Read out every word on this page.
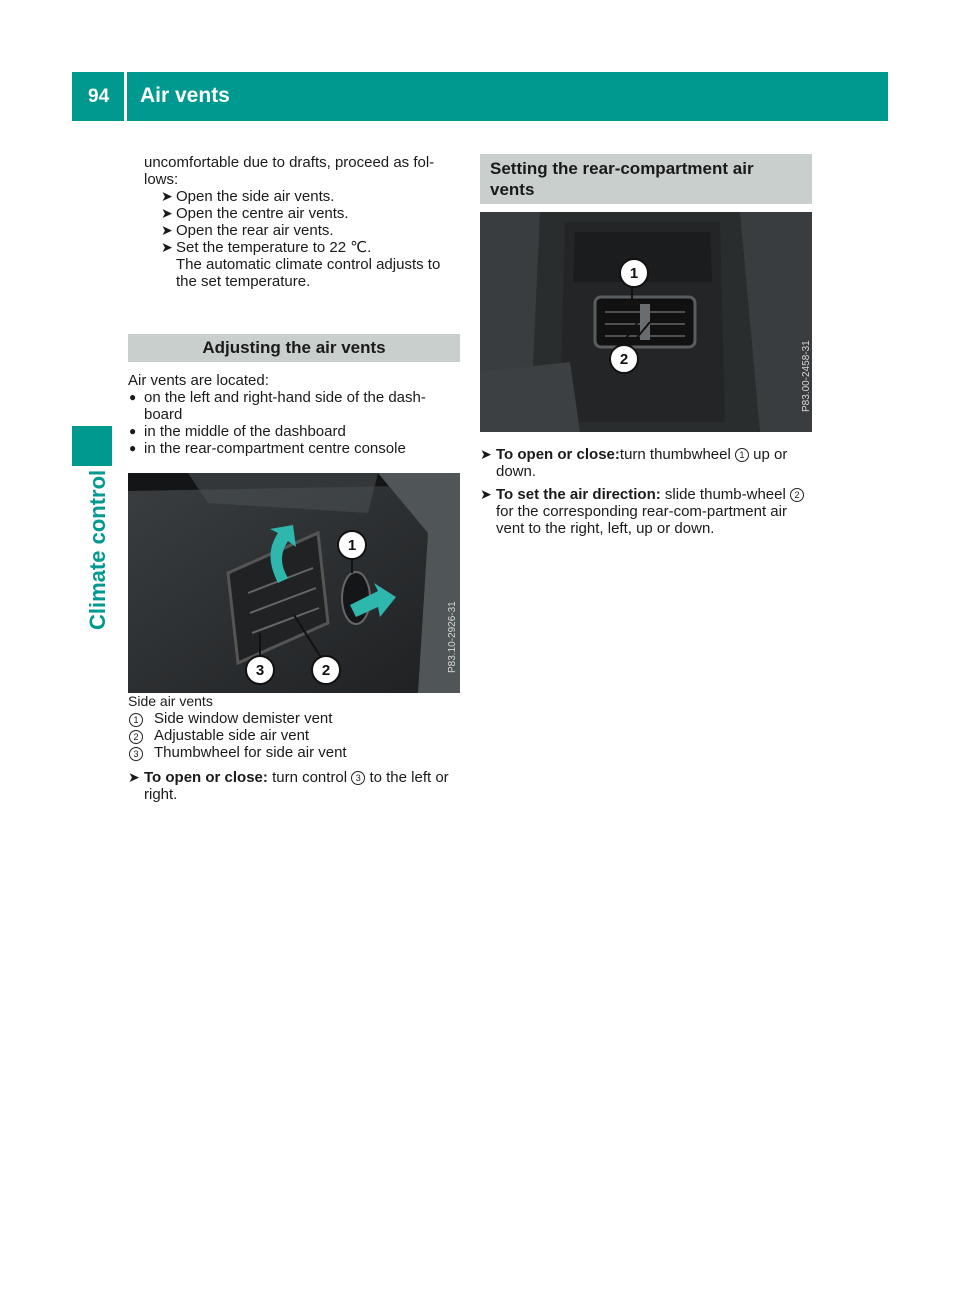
94 Air vents
Climate control

uncomfortable due to drafts, proceed as fol-lows:

➤ Open the side air vents.

➤ Open the centre air vents.

➤ Open the rear air vents.

➤ Set the temperature to 22 ℃.
The automatic climate control adjusts to the set temperature.

Adjusting the air vents

Air vents are located:

● on the left and right-hand side of the dash-board

● in the middle of the dashboard

● in the rear-compartment centre console

1
2
3	P83.10-2926-31

Side air vents

1	Side window demister vent

2	Adjustable side air vent

3	Thumbwheel for side air vent

➤ To open or close: turn control 3 to the left or right.

Setting the rear-compartment air vents
1
2	P83.00-2458-31

➤ To open or close:turn thumbwheel 1 up or down.

➤ To set the air direction: slide thumb-wheel 2 for the corresponding rear-com-partment air vent to the right, left, up or down.
